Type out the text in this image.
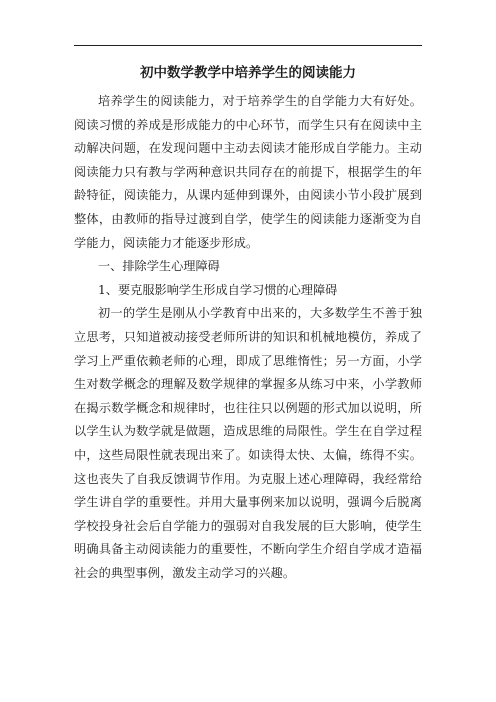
初中数学教学中培养学生的阅读能力

培养学生的阅读能力，对于培养学生的自学能力大有好处。阅读习惯的养成是形成能力的中心环节，而学生只有在阅读中主动解决问题，在发现问题中主动去阅读才能形成自学能力。主动阅读能力只有教与学两种意识共同存在的前提下，根据学生的年龄特征，阅读能力，从课内延伸到课外，由阅读小节小段扩展到整体，由教师的指导过渡到自学，使学生的阅读能力逐渐变为自学能力，阅读能力才能逐步形成。

一、排除学生心理障碍

1、要克服影响学生形成自学习惯的心理障碍

初一的学生是刚从小学教育中出来的，大多数学生不善于独立思考，只知道被动接受老师所讲的知识和机械地模仿，养成了学习上严重依赖老师的心理，即成了思维惰性；另一方面，小学生对数学概念的理解及数学规律的掌握多从练习中来，小学教师在揭示数学概念和规律时，也往往只以例题的形式加以说明，所以学生认为数学就是做题，造成思维的局限性。学生在自学过程中，这些局限性就表现出来了。如读得太快、太偏，练得不实。这也丧失了自我反馈调节作用。为克服上述心理障碍，我经常给学生讲自学的重要性。并用大量事例来加以说明，强调今后脱离学校投身社会后自学能力的强弱对自我发展的巨大影响，使学生明确具备主动阅读能力的重要性，不断向学生介绍自学成才造福社会的典型事例，激发主动学习的兴趣。
